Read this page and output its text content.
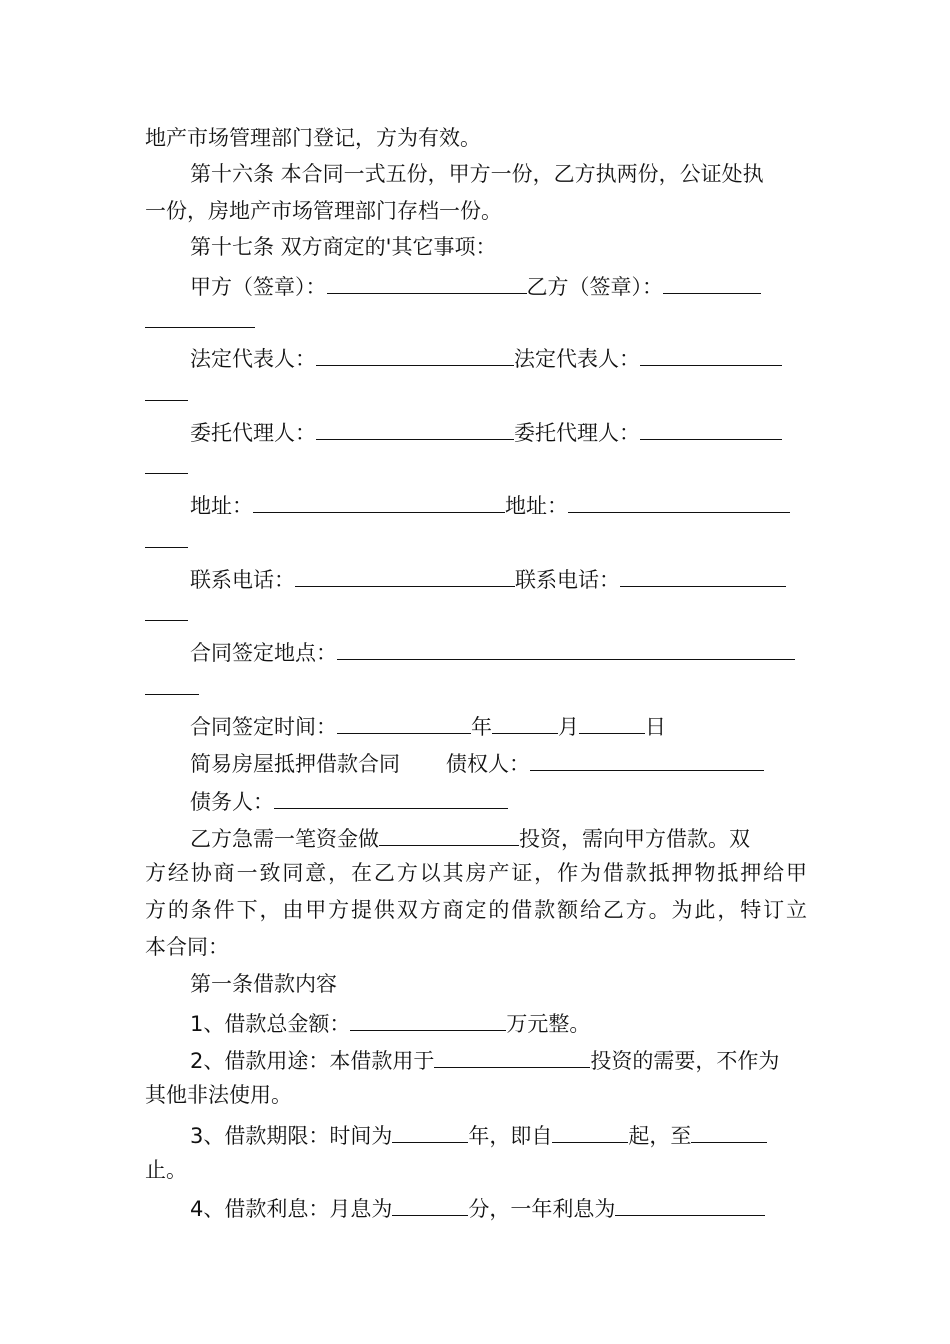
地产市场管理部门登记，方为有效。
第十六条 本合同一式五份，甲方一份，乙方执两份，公证处执
一份，房地产市场管理部门存档一份。
第十七条 双方商定的'其它事项：
甲方（签章）：	乙方（签章）：
法定代表人：	法定代表人：
委托代理人：	委托代理人：
地址：	地址：
联系电话：	联系电话：
合同签定地点：
合同签定时间：	年	月	日
简易房屋抵押借款合同 债权人：
债务人：
乙方急需一笔资金做	投资，需向甲方借款。双
方经协商一致同意，在乙方以其房产证，作为借款抵押物抵押给甲
方的条件下，由甲方提供双方商定的借款额给乙方。为此，特订立
本合同：
第一条借款内容
1、借款总金额：	万元整。
2、借款用途：本借款用于	投资的需要，不作为
其他非法使用。
3、借款期限：时间为	年，即自	起，至
止。
4、借款利息：月息为	分，一年利息为
